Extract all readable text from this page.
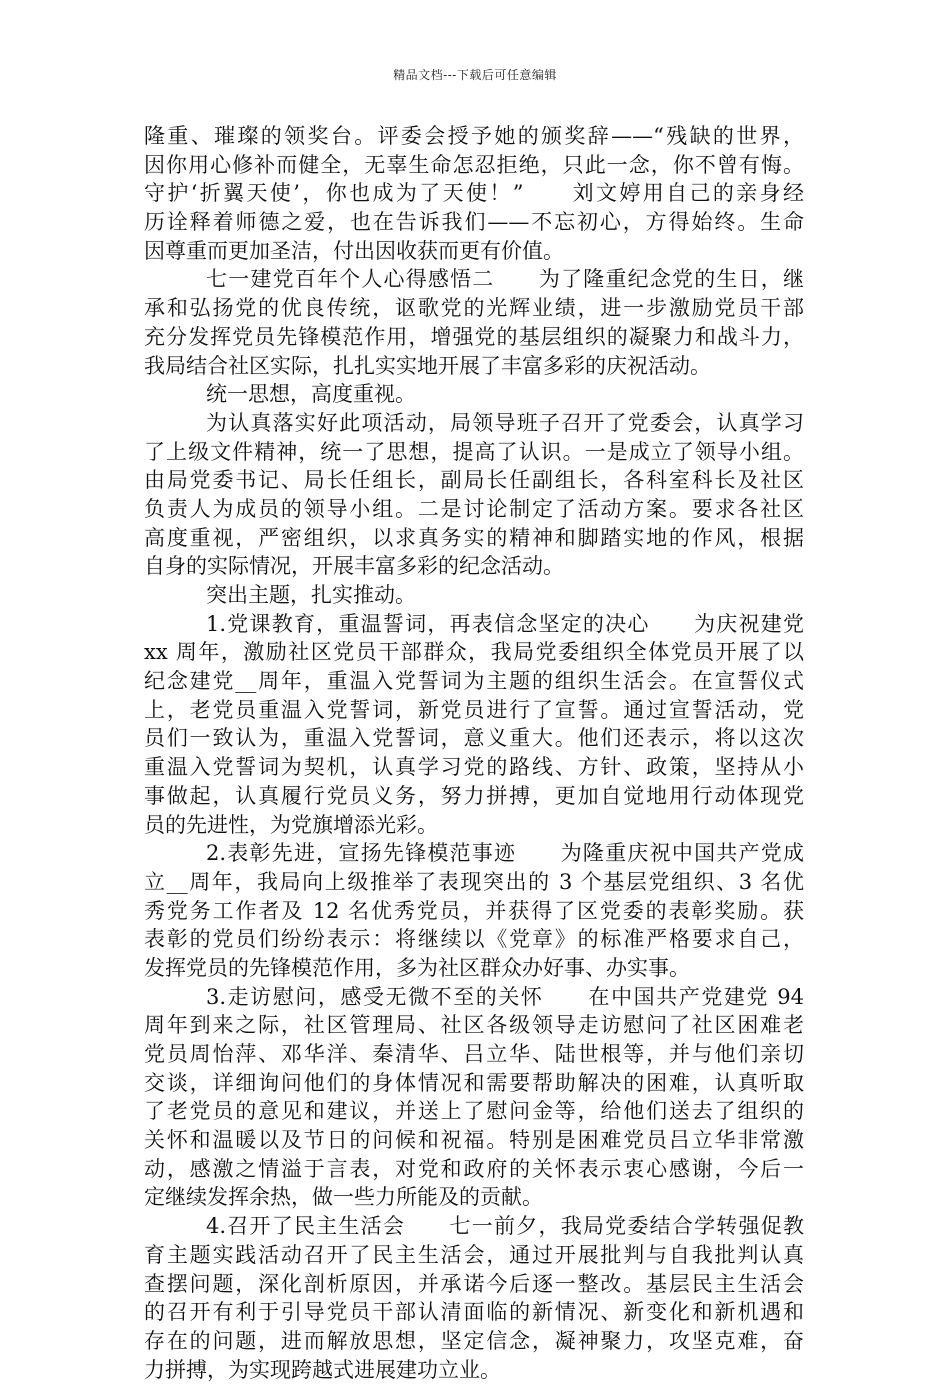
精品文档---下载后可任意编辑
隆重、璀璨的领奖台。评委会授予她的颁奖辞——“残缺的世界，
因你用心修补而健全，无辜生命怎忍拒绝，只此一念，你不曾有悔。
守护‘折翼天使’，你也成为了天使！”　　刘文婷用自己的亲身经
历诠释着师德之爱，也在告诉我们——不忘初心，方得始终。生命
因尊重而更加圣洁，付出因收获而更有价值。
七一建党百年个人心得感悟二　　为了隆重纪念党的生日，继
承和弘扬党的优良传统，讴歌党的光辉业绩，进一步激励党员干部
充分发挥党员先锋模范作用，增强党的基层组织的凝聚力和战斗力，
我局结合社区实际，扎扎实实地开展了丰富多彩的庆祝活动。
统一思想，高度重视。
为认真落实好此项活动，局领导班子召开了党委会，认真学习
了上级文件精神，统一了思想，提高了认识。一是成立了领导小组。
由局党委书记、局长任组长，副局长任副组长，各科室科长及社区
负责人为成员的领导小组。二是讨论制定了活动方案。要求各社区
高度重视，严密组织，以求真务实的精神和脚踏实地的作风，根据
自身的实际情况，开展丰富多彩的纪念活动。
突出主题，扎实推动。
1.党课教育，重温誓词，再表信念坚定的决心　　为庆祝建党
xx 周年，激励社区党员干部群众，我局党委组织全体党员开展了以
纪念建党__周年，重温入党誓词为主题的组织生活会。在宣誓仪式
上，老党员重温入党誓词，新党员进行了宣誓。通过宣誓活动，党
员们一致认为，重温入党誓词，意义重大。他们还表示，将以这次
重温入党誓词为契机，认真学习党的路线、方针、政策，坚持从小
事做起，认真履行党员义务，努力拼搏，更加自觉地用行动体现党
员的先进性，为党旗增添光彩。
2.表彰先进，宣扬先锋模范事迹　　为隆重庆祝中国共产党成
立__周年，我局向上级推举了表现突出的 3 个基层党组织、3 名优
秀党务工作者及 12 名优秀党员，并获得了区党委的表彰奖励。获
表彰的党员们纷纷表示：将继续以《党章》的标准严格要求自己，
发挥党员的先锋模范作用，多为社区群众办好事、办实事。
3.走访慰问，感受无微不至的关怀　　在中国共产党建党 94
周年到来之际，社区管理局、社区各级领导走访慰问了社区困难老
党员周怡萍、邓华洋、秦清华、吕立华、陆世根等，并与他们亲切
交谈，详细询问他们的身体情况和需要帮助解决的困难，认真听取
了老党员的意见和建议，并送上了慰问金等，给他们送去了组织的
关怀和温暖以及节日的问候和祝福。特别是困难党员吕立华非常激
动，感激之情溢于言表，对党和政府的关怀表示衷心感谢，今后一
定继续发挥余热，做一些力所能及的贡献。
4.召开了民主生活会　　七一前夕，我局党委结合学转强促教
育主题实践活动召开了民主生活会，通过开展批判与自我批判认真
查摆问题，深化剖析原因，并承诺今后逐一整改。基层民主生活会
的召开有利于引导党员干部认清面临的新情况、新变化和新机遇和
存在的问题，进而解放思想，坚定信念，凝神聚力，攻坚克难，奋
力拼搏，为实现跨越式进展建功立业。
